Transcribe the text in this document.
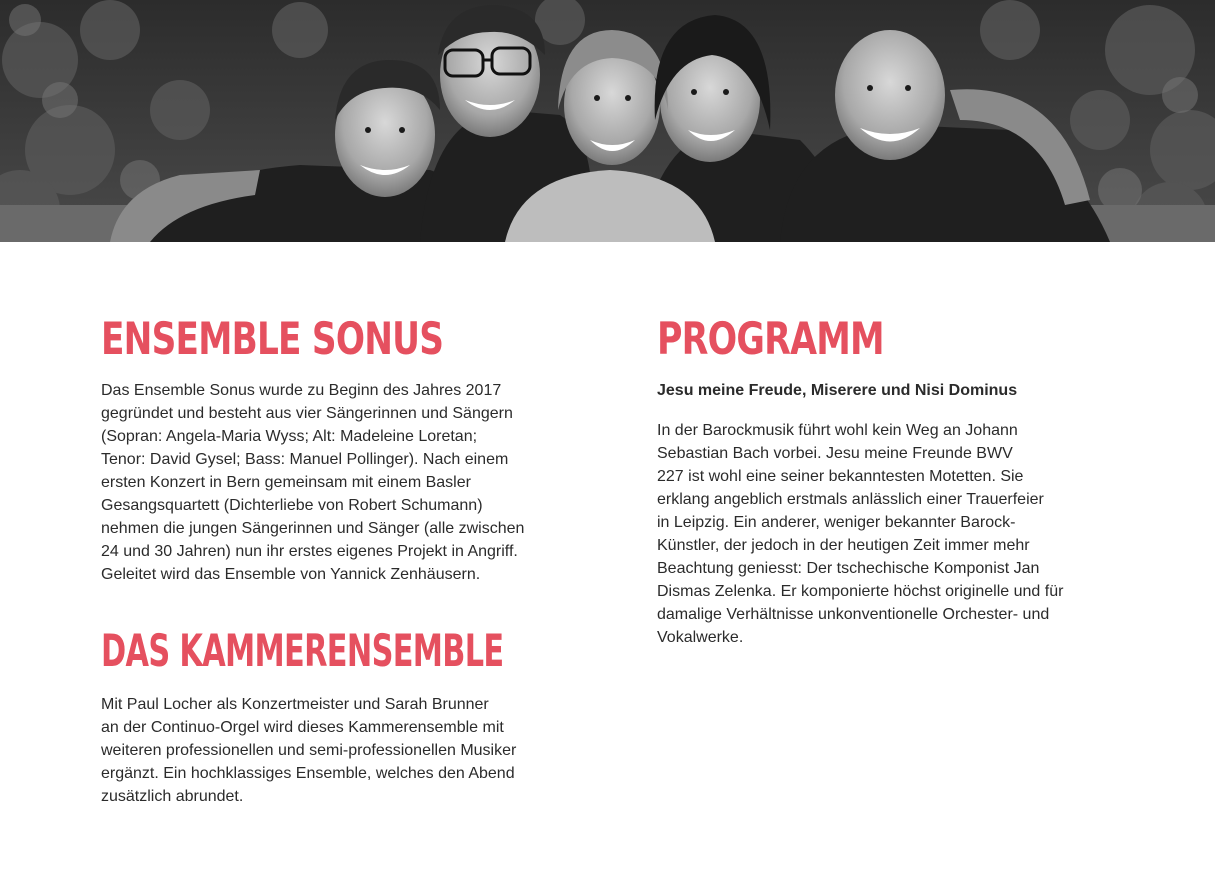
ENSEMBLE SONUS
Das Ensemble Sonus wurde zu Beginn des Jahres 2017
gegründet und besteht aus vier Sängerinnen und Sängern
(Sopran: Angela-Maria Wyss; Alt: Madeleine Loretan;
Tenor: David Gysel; Bass: Manuel Pollinger). Nach einem
ersten Konzert in Bern gemeinsam mit einem Basler
Gesangsquartett (Dichterliebe von Robert Schumann)
nehmen die jungen Sängerinnen und Sänger (alle zwischen
24 und 30 Jahren) nun ihr erstes eigenes Projekt in Angriff.
Geleitet wird das Ensemble von Yannick Zenhäusern.
DAS KAMMERENSEMBLE
Mit Paul Locher als Konzertmeister und Sarah Brunner
an der Continuo-Orgel wird dieses Kammerensemble mit
weiteren professionellen und semi-professionellen Musiker
ergänzt. Ein hochklassiges Ensemble, welches den Abend
zusätzlich abrundet.
PROGRAMM
Jesu meine Freude, Miserere und Nisi Dominus
In der Barockmusik führt wohl kein Weg an Johann
Sebastian Bach vorbei. Jesu meine Freunde BWV
227 ist wohl eine seiner bekanntesten Motetten. Sie
erklang angeblich erstmals anlässlich einer Trauerfeier
in Leipzig. Ein anderer, weniger bekannter Barock-
Künstler, der jedoch in der heutigen Zeit immer mehr
Beachtung geniesst: Der tschechische Komponist Jan
Dismas Zelenka. Er komponierte höchst originelle und für
damalige Verhältnisse unkonventionelle Orchester- und
Vokalwerke.
